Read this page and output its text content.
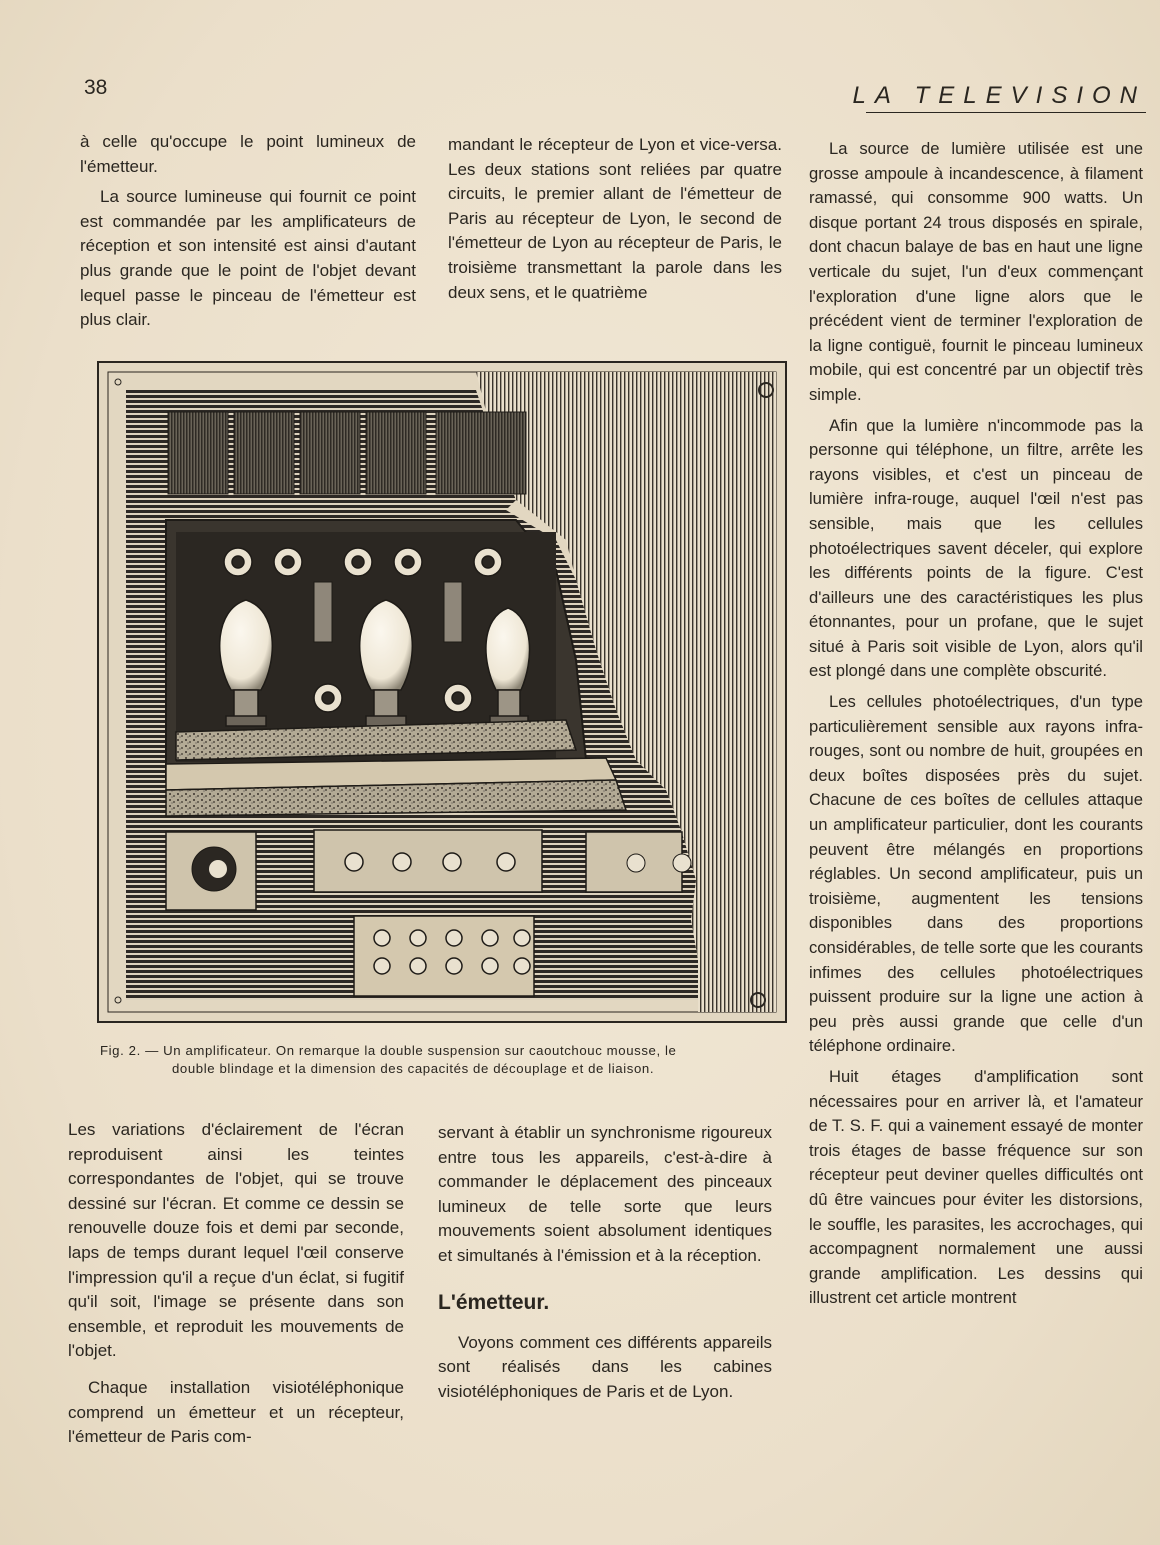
38	LA TELEVISION

à celle qu'occupe le point lumineux de l'émetteur.

La source lumineuse qui fournit ce point est commandée par les amplificateurs de réception et son intensité est ainsi d'autant plus grande que le point de l'objet devant lequel passe le pinceau de l'émetteur est plus clair.

mandant le récepteur de Lyon et vice-versa. Les deux stations sont reliées par quatre circuits, le premier allant de l'émetteur de Paris au récepteur de Lyon, le second de l'émetteur de Lyon au récepteur de Paris, le troisième transmettant la parole dans les deux sens, et le quatrième

La source de lumière utilisée est une grosse ampoule à incandescence, à filament ramassé, qui consomme 900 watts. Un disque portant 24 trous disposés en spirale, dont chacun balaye de bas en haut une ligne verticale du sujet, l'un d'eux commençant l'exploration d'une ligne alors que le précédent vient de terminer l'exploration de la ligne contiguë, fournit le pinceau lumineux mobile, qui est concentré par un objectif très simple.

Afin que la lumière n'incommode pas la personne qui téléphone, un filtre, arrête les rayons visibles, et c'est un pinceau de lumière infra-rouge, auquel l'œil n'est pas sensible, mais que les cellules photoélectriques savent déceler, qui explore les différents points de la figure. C'est d'ailleurs une des caractéristiques les plus étonnantes, pour un profane, que le sujet situé à Paris soit visible de Lyon, alors qu'il est plongé dans une complète obscurité.

Les cellules photoélectriques, d'un type particulièrement sensible aux rayons infra-rouges, sont ou nombre de huit, groupées en deux boîtes disposées près du sujet. Chacune de ces boîtes de cellules attaque un amplificateur particulier, dont les courants peuvent être mélangés en proportions réglables. Un second amplificateur, puis un troisième, augmentent les tensions disponibles dans des proportions considérables, de telle sorte que les courants infimes des cellules photoélectriques puissent produire sur la ligne une action à peu près aussi grande que celle d'un téléphone ordinaire.

Huit étages d'amplification sont nécessaires pour en arriver là, et l'amateur de T. S. F. qui a vainement essayé de monter trois étages de basse fréquence sur son récepteur peut deviner quelles difficultés ont dû être vaincues pour éviter les distorsions, le souffle, les parasites, les accrochages, qui accompagnent normalement une aussi grande amplification. Les dessins qui illustrent cet article montrent

Fig. 2. — Un amplificateur. On remarque la double suspension sur caoutchouc mousse, le
double blindage et la dimension des capacités de découplage et de liaison.

Les variations d'éclairement de l'écran reproduisent ainsi les teintes correspondantes de l'objet, qui se trouve dessiné sur l'écran. Et comme ce dessin se renouvelle douze fois et demi par seconde, laps de temps durant lequel l'œil conserve l'impression qu'il a reçue d'un éclat, si fugitif qu'il soit, l'image se présente dans son ensemble, et reproduit les mouvements de l'objet.

Chaque installation visiotéléphonique comprend un émetteur et un récepteur, l'émetteur de Paris com-

servant à établir un synchronisme rigoureux entre tous les appareils, c'est-à-dire à commander le déplacement des pinceaux lumineux de telle sorte que leurs mouvements soient absolument identiques et simultanés à l'émission et à la réception.

L'émetteur.

Voyons comment ces différents appareils sont réalisés dans les cabines visiotéléphoniques de Paris et de Lyon.
